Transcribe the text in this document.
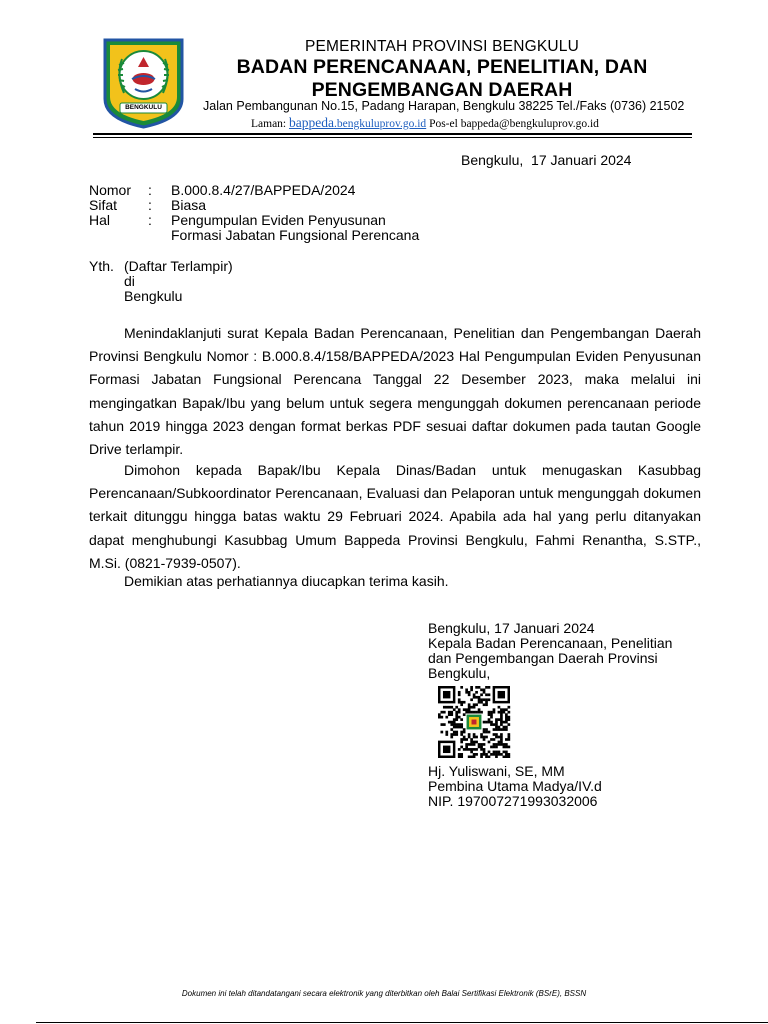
BENGKULU
PEMERINTAH PROVINSI BENGKULU
BADAN PERENCANAAN, PENELITIAN, DAN
PENGEMBANGAN DAERAH
Jalan Pembangunan No.15, Padang Harapan, Bengkulu 38225 Tel./Faks (0736) 21502
Laman: bappeda.bengkuluprov.go.id Pos-el bappeda@bengkuluprov.go.id
Bengkulu,  17 Januari 2024
Nomor	:	B.000.8.4/27/BAPPEDA/2024
Sifat	:	Biasa
Hal	:	Pengumpulan Eviden Penyusunan
Formasi Jabatan Fungsional Perencana
Yth. (Daftar Terlampir)
di
Bengkulu
Menindaklanjuti surat Kepala Badan Perencanaan, Penelitian dan Pengembangan Daerah Provinsi Bengkulu Nomor : B.000.8.4/158/BAPPEDA/2023 Hal Pengumpulan Eviden Penyusunan Formasi Jabatan Fungsional Perencana Tanggal 22 Desember 2023, maka melalui ini mengingatkan Bapak/Ibu yang belum untuk segera mengunggah dokumen perencanaan periode tahun 2019 hingga 2023 dengan format berkas PDF sesuai daftar dokumen pada tautan Google Drive terlampir.
Dimohon kepada Bapak/Ibu Kepala Dinas/Badan untuk menugaskan Kasubbag Perencanaan/Subkoordinator Perencanaan, Evaluasi dan Pelaporan untuk mengunggah dokumen terkait ditunggu hingga batas waktu 29 Februari 2024. Apabila ada hal yang perlu ditanyakan dapat menghubungi Kasubbag Umum Bappeda Provinsi Bengkulu, Fahmi Renantha, S.STP., M.Si. (0821-7939-0507).
Demikian atas perhatiannya diucapkan terima kasih.
Bengkulu, 17 Januari 2024
Kepala Badan Perencanaan, Penelitian
dan Pengembangan Daerah Provinsi
Bengkulu,
Hj. Yuliswani, SE, MM
Pembina Utama Madya/IV.d
NIP. 197007271993032006
Dokumen ini telah ditandatangani secara elektronik yang diterbitkan oleh Balai Sertifikasi Elektronik (BSrE), BSSN
